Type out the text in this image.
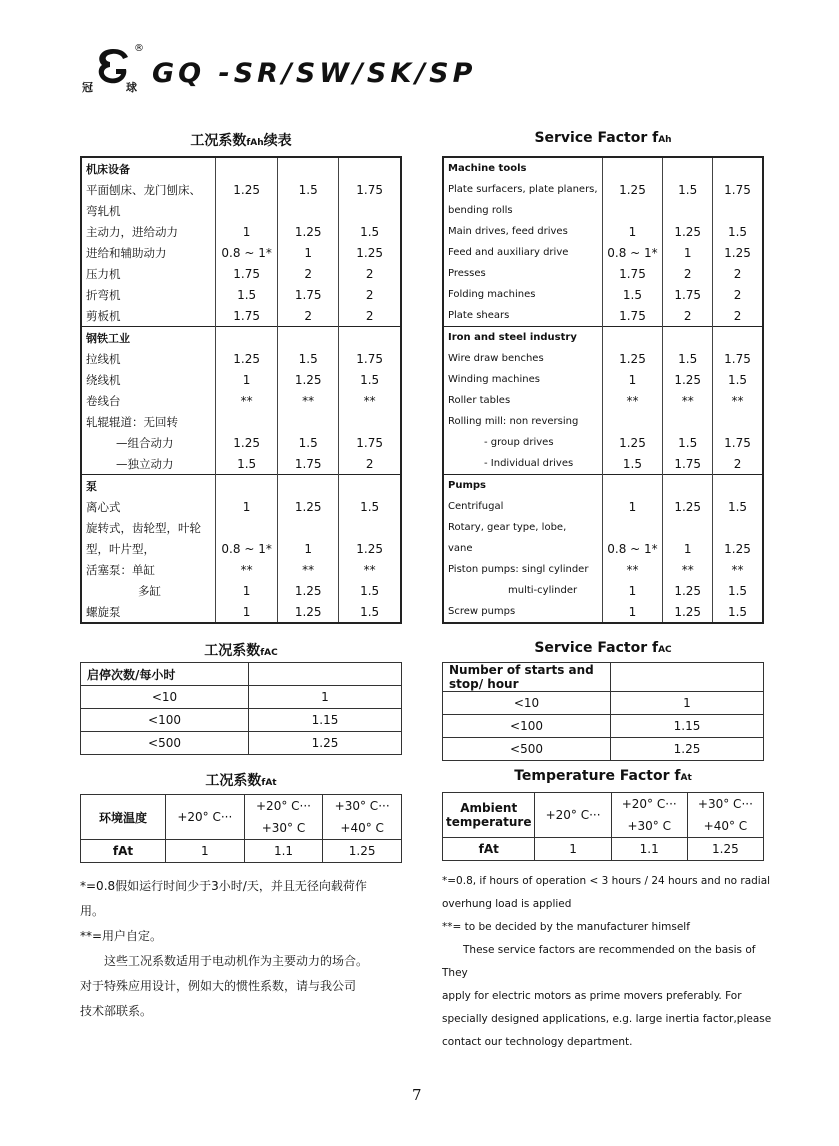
冠	球
®
GQ -SR/SW/SK/SP
工况系数fAh续表
机床设备			
平面刨床、龙门刨床、	1.25	1.5	1.75
弯轧机			
主动力，进给动力	1	1.25	1.5
进给和辅助动力	0.8 ~ 1*	1	1.25
压力机	1.75	2	2
折弯机	1.5	1.75	2
剪板机	1.75	2	2
钢铁工业			
拉线机	1.25	1.5	1.75
绕线机	1	1.25	1.5
卷线台	**	**	**
轧辊辊道：无回转			
—组合动力	1.25	1.5	1.75
—独立动力	1.5	1.75	2
泵			
离心式	1	1.25	1.5
旋转式，齿轮型，叶轮			
型，叶片型，	0.8 ~ 1*	1	1.25
活塞泵：单缸	**	**	**
多缸	1	1.25	1.5
螺旋泵	1	1.25	1.5
工况系数fAC
启停次数/每小时	
<10	1
<100	1.15
<500	1.25
工况系数fAt
环境温度	+20° C···	+20° C···	+30° C···
		+30° C	+40° C
fAt	1	1.1	1.25
*=0.8假如运行时间少于3小时/天，并且无径向载荷作
用。
**=用户自定。
　　这些工况系数适用于电动机作为主要动力的场合。
对于特殊应用设计，例如大的惯性系数，请与我公司
技术部联系。
Service Factor fAh
Machine tools			
Plate surfacers, plate planers,	1.25	1.5	1.75
bending rolls			
Main drives, feed drives	1	1.25	1.5
Feed and auxiliary drive	0.8 ~ 1*	1	1.25
Presses	1.75	2	2
Folding machines	1.5	1.75	2
Plate shears	1.75	2	2
Iron and steel industry			
Wire draw benches	1.25	1.5	1.75
Winding machines	1	1.25	1.5
Roller tables	**	**	**
Rolling mill: non reversing			
- group drives	1.25	1.5	1.75
- Individual drives	1.5	1.75	2
Pumps			
Centrifugal	1	1.25	1.5
Rotary, gear type, lobe,			
vane	0.8 ~ 1*	1	1.25
Piston pumps: singl cylinder	**	**	**
multi-cylinder	1	1.25	1.5
Screw pumps	1	1.25	1.5
Service Factor fAC
Number of starts and stop/ hour	
<10	1
<100	1.15
<500	1.25
Temperature Factor fAt
Ambient temperature	+20° C···	+20° C···	+30° C···
		+30° C	+40° C
fAt	1	1.1	1.25
*=0.8, if hours of operation < 3 hours / 24 hours and no radial
overhung load is applied
**= to be decided by the manufacturer himself
　　These service factors are recommended on the basis of They
apply for electric motors as prime movers preferably. For
specially designed applications, e.g. large inertia factor,please
contact our technology department.
7
